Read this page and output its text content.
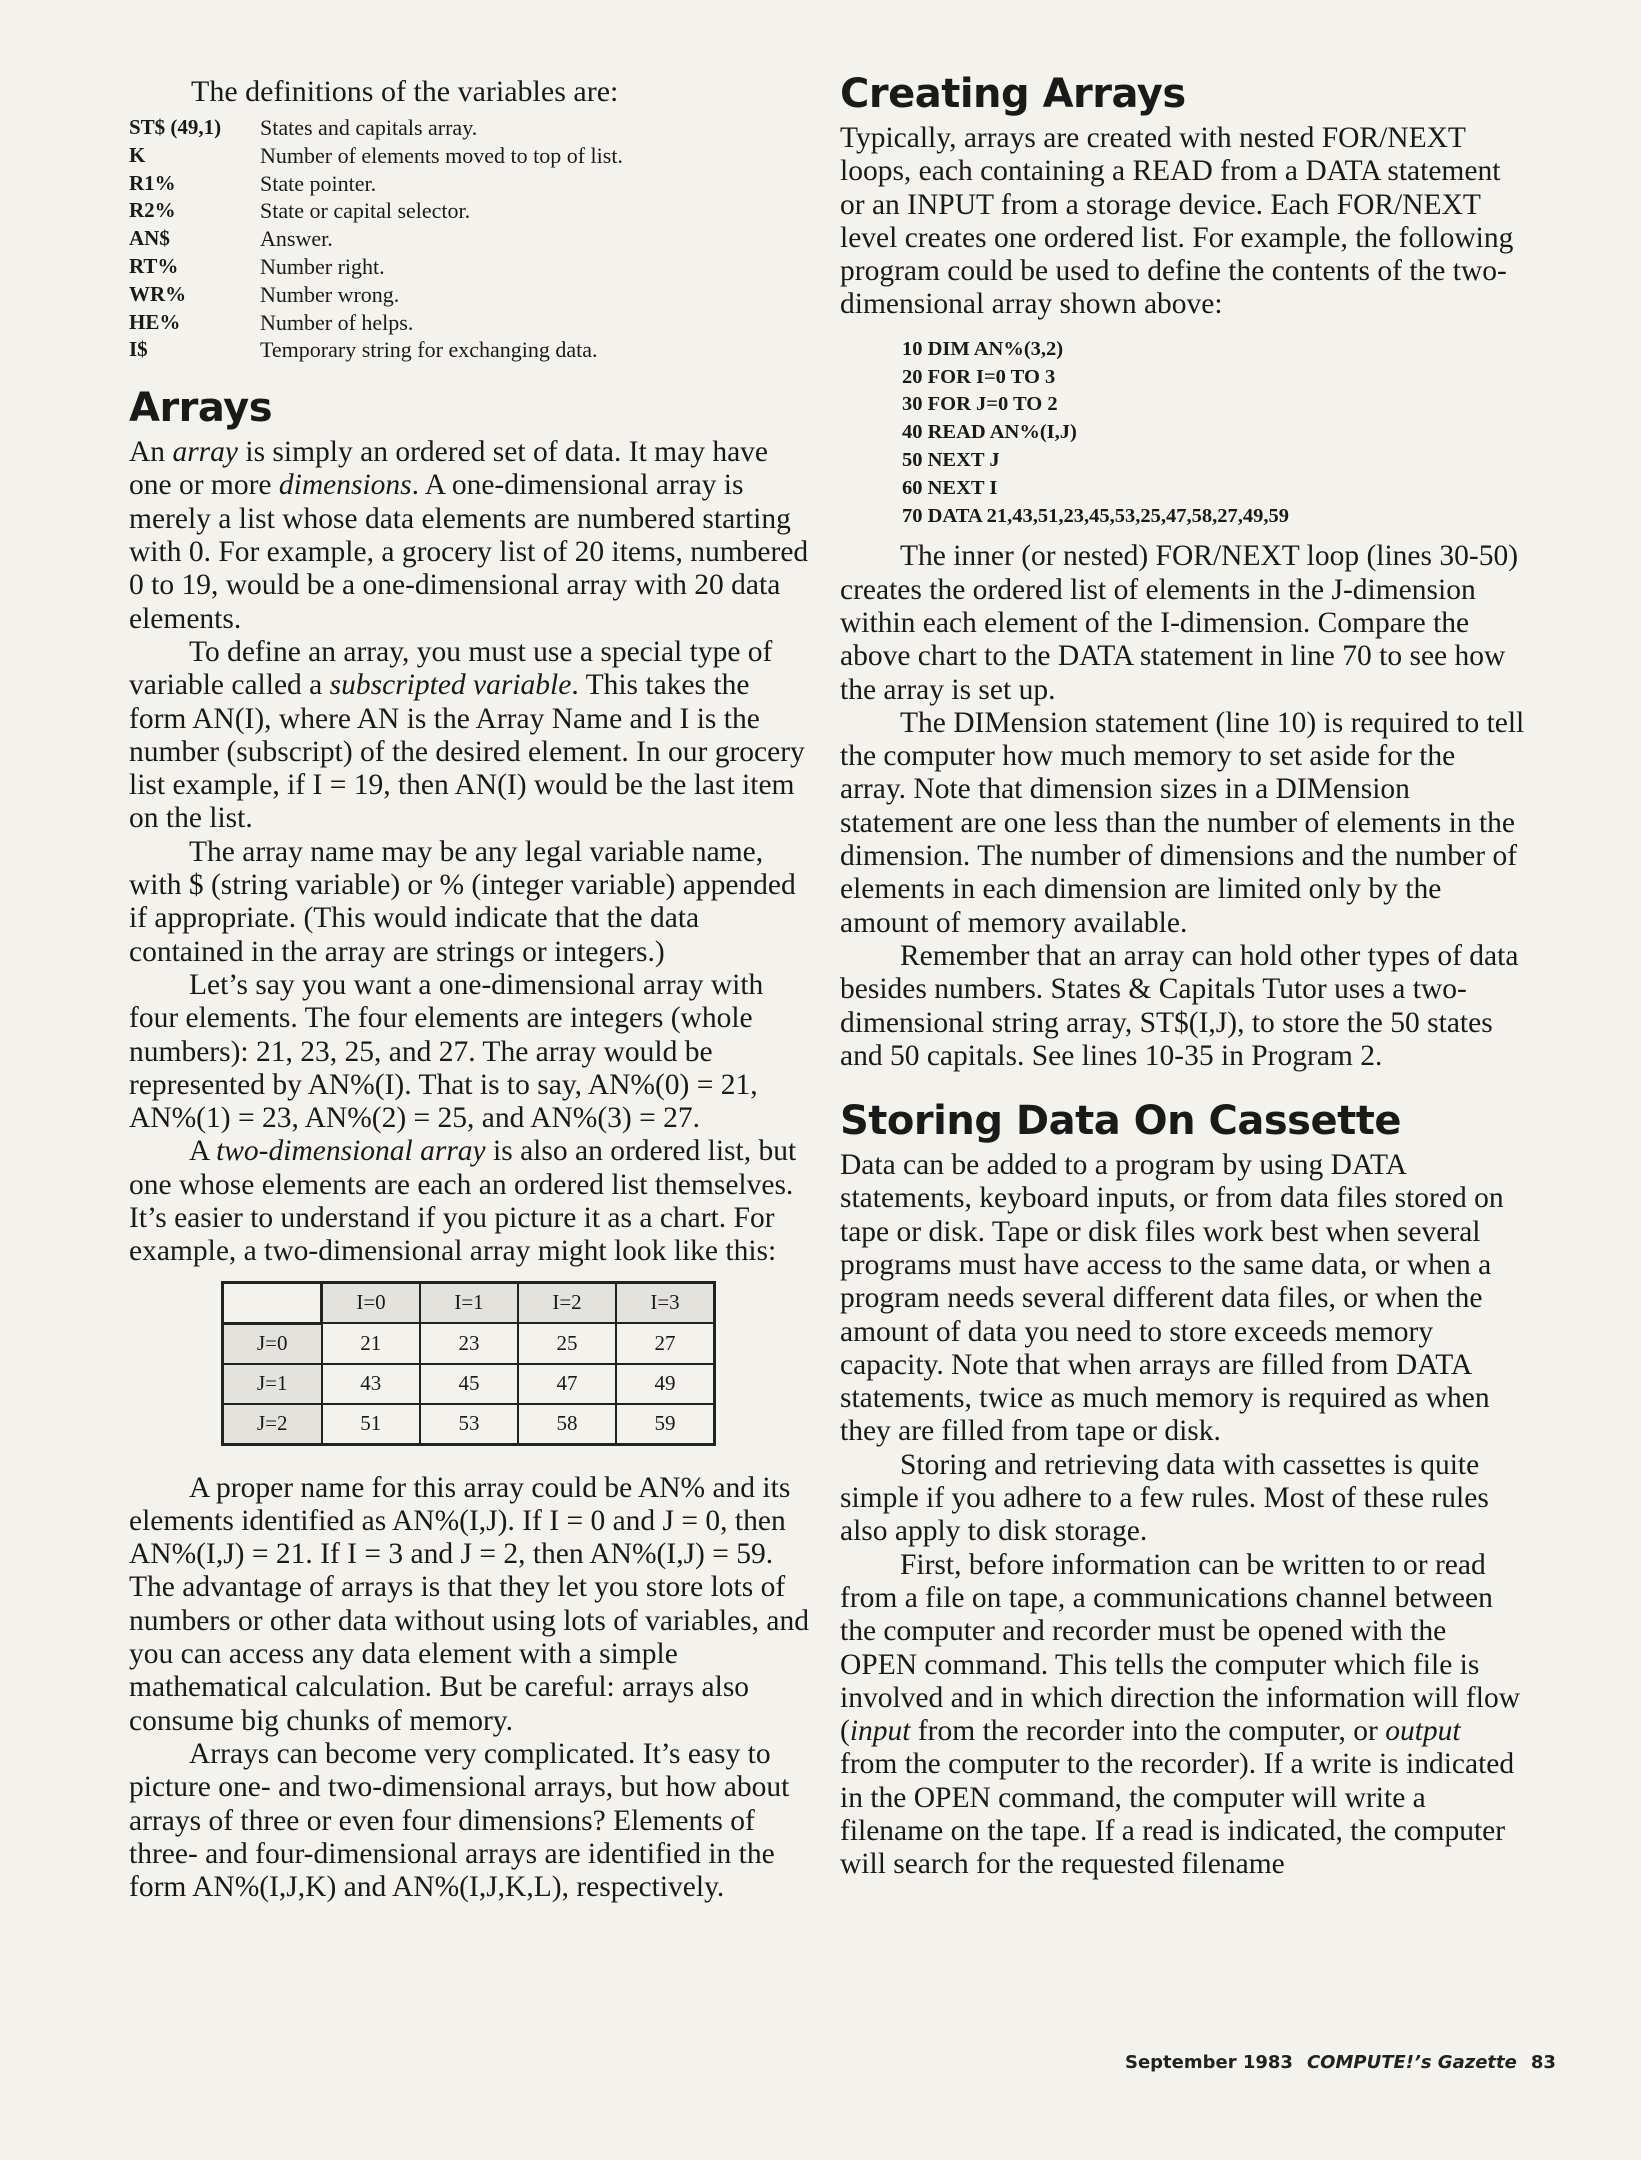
The definitions of the variables are:
ST$ (49,1)	States and capitals array.
K	Number of elements moved to top of list.
R1%	State pointer.
R2%	State or capital selector.
AN$	Answer.
RT%	Number right.
WR%	Number wrong.
HE%	Number of helps.
I$	Temporary string for exchanging data.
Arrays

An array is simply an ordered set of data. It may have one or more dimensions. A one-dimensional array is merely a list whose data elements are numbered starting with 0. For example, a grocery list of 20 items, numbered 0 to 19, would be a one-dimensional array with 20 data elements.

To define an array, you must use a special type of variable called a subscripted variable. This takes the form AN(I), where AN is the Array Name and I is the number (subscript) of the desired element. In our grocery list example, if I = 19, then AN(I) would be the last item on the list.

The array name may be any legal variable name, with $ (string variable) or % (integer variable) appended if appropriate. (This would indicate that the data contained in the array are strings or integers.)

Let’s say you want a one-dimensional array with four elements. The four elements are integers (whole numbers): 21, 23, 25, and 27. The array would be represented by AN%(I). That is to say, AN%(0) = 21, AN%(1) = 23, AN%(2) = 25, and AN%(3) = 27.

A two-dimensional array is also an ordered list, but one whose elements are each an ordered list themselves. It’s easier to understand if you picture it as a chart. For example, a two-dimensional array might look like this:

	I=0	I=1	I=2	I=3
J=0	21	23	25	27
J=1	43	45	47	49
J=2	51	53	58	59

A proper name for this array could be AN% and its elements identified as AN%(I,J). If I = 0 and J = 0, then AN%(I,J) = 21. If I = 3 and J = 2, then AN%(I,J) = 59. The advantage of arrays is that they let you store lots of numbers or other data without using lots of variables, and you can access any data element with a simple mathematical calculation. But be careful: arrays also consume big chunks of memory.

Arrays can become very complicated. It’s easy to picture one- and two-dimensional arrays, but how about arrays of three or even four dimensions? Elements of three- and four-dimensional arrays are identified in the form AN%(I,J,K) and AN%(I,J,K,L), respectively.

Creating Arrays

Typically, arrays are created with nested FOR/NEXT loops, each containing a READ from a DATA statement or an INPUT from a storage device. Each FOR/NEXT level creates one ordered list. For example, the following program could be used to define the contents of the two-dimensional array shown above:

10 DIM AN%(3,2)
20 FOR I=0 TO 3
30 FOR J=0 TO 2
40 READ AN%(I,J)
50 NEXT J
60 NEXT I
70 DATA 21,43,51,23,45,53,25,47,58,27,49,59

The inner (or nested) FOR/NEXT loop (lines 30-50) creates the ordered list of elements in the J-dimension within each element of the I-dimension. Compare the above chart to the DATA statement in line 70 to see how the array is set up.

The DIMension statement (line 10) is required to tell the computer how much memory to set aside for the array. Note that dimension sizes in a DIMension statement are one less than the number of elements in the dimension. The number of dimensions and the number of elements in each dimension are limited only by the amount of memory available.

Remember that an array can hold other types of data besides numbers. States & Capitals Tutor uses a two-dimensional string array, ST$(I,J), to store the 50 states and 50 capitals. See lines 10-35 in Program 2.

Storing Data On Cassette

Data can be added to a program by using DATA statements, keyboard inputs, or from data files stored on tape or disk. Tape or disk files work best when several programs must have access to the same data, or when a program needs several different data files, or when the amount of data you need to store exceeds memory capacity. Note that when arrays are filled from DATA statements, twice as much memory is required as when they are filled from tape or disk.

Storing and retrieving data with cassettes is quite simple if you adhere to a few rules. Most of these rules also apply to disk storage.

First, before information can be written to or read from a file on tape, a communications channel between the computer and recorder must be opened with the OPEN command. This tells the computer which file is involved and in which direction the information will flow (input from the recorder into the computer, or output from the computer to the recorder). If a write is indicated in the OPEN command, the computer will write a filename on the tape. If a read is indicated, the computer will search for the requested filename

September 1983 COMPUTE!’s Gazette 83
